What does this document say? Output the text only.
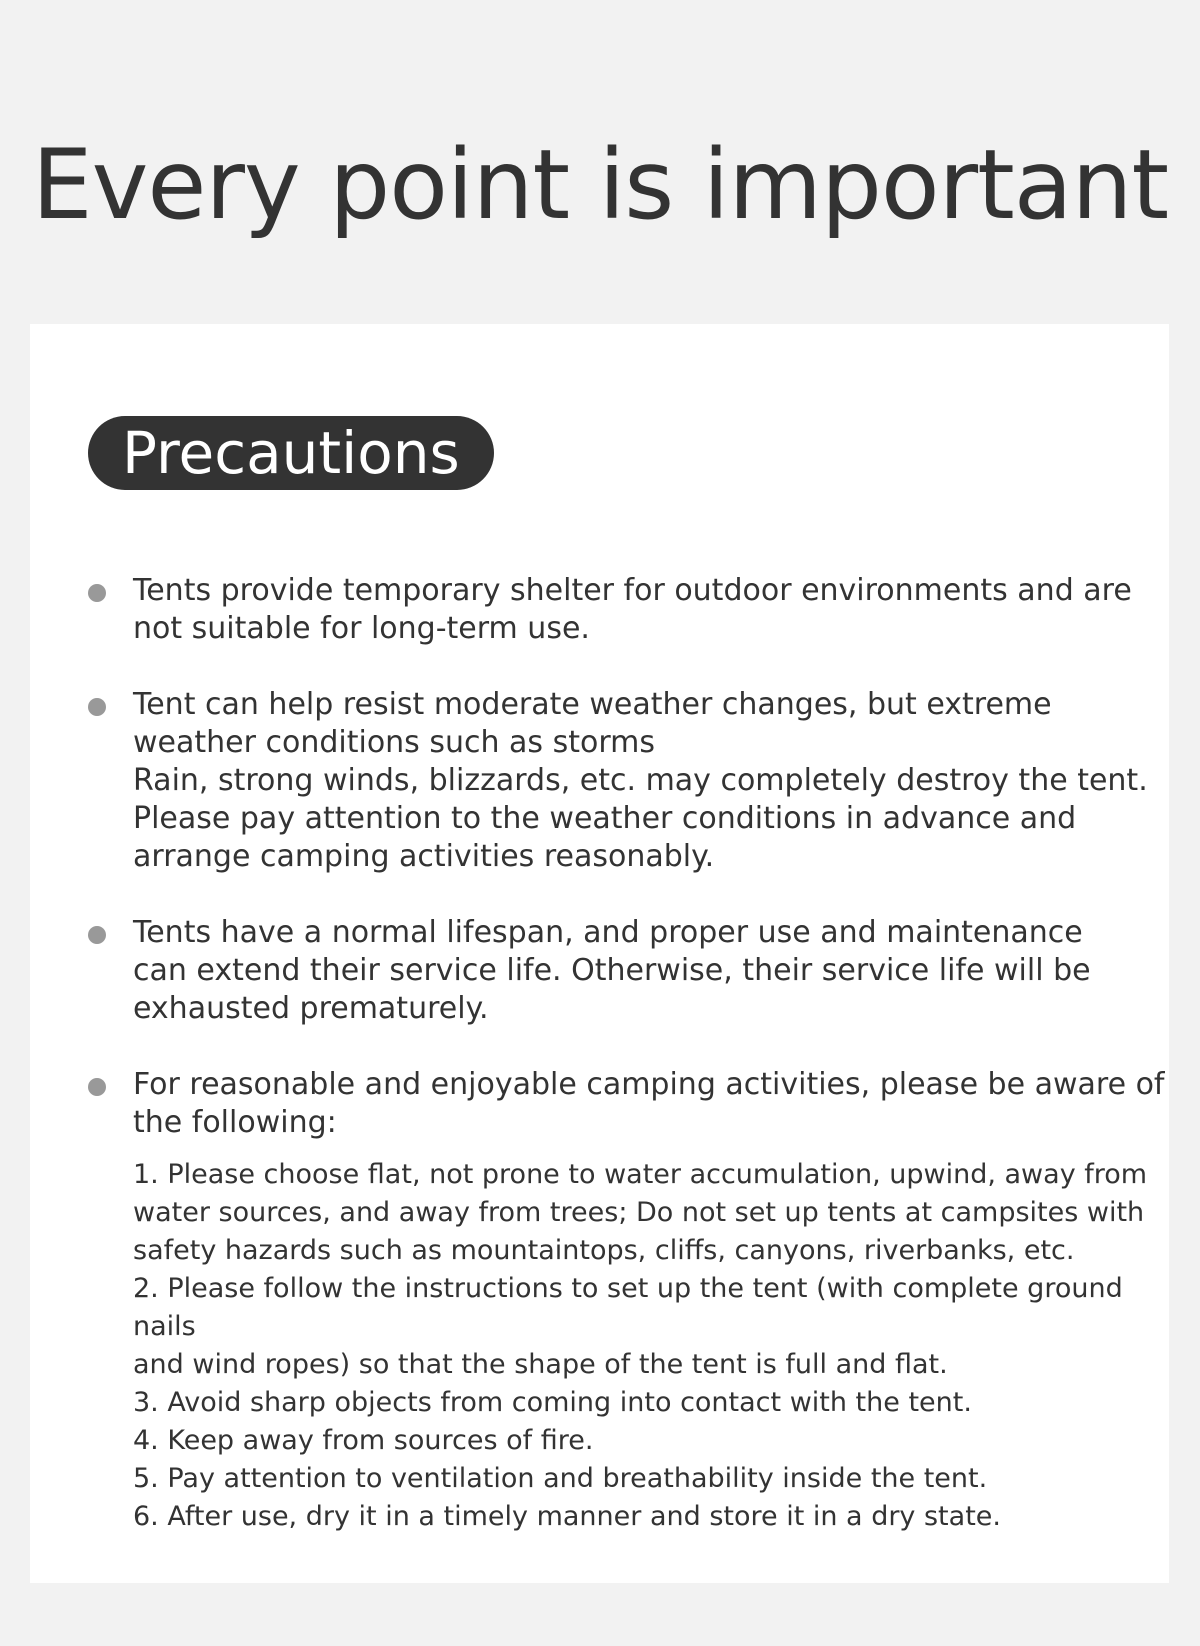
Every point is important
Precautions
Tents provide temporary shelter for outdoor environments and are
not suitable for long-term use.
Tent can help resist moderate weather changes, but extreme
weather conditions such as storms
Rain, strong winds, blizzards, etc. may completely destroy the tent.
Please pay attention to the weather conditions in advance and
arrange camping activities reasonably.
Tents have a normal lifespan, and proper use and maintenance
can extend their service life. Otherwise, their service life will be
exhausted prematurely.
For reasonable and enjoyable camping activities, please be aware of
the following:
1. Please choose flat, not prone to water accumulation, upwind, away from
water sources, and away from trees; Do not set up tents at campsites with
safety hazards such as mountaintops, cliffs, canyons, riverbanks, etc.
2. Please follow the instructions to set up the tent (with complete ground nails
and wind ropes) so that the shape of the tent is full and flat.
3. Avoid sharp objects from coming into contact with the tent.
4. Keep away from sources of fire.
5. Pay attention to ventilation and breathability inside the tent.
6. After use, dry it in a timely manner and store it in a dry state.
